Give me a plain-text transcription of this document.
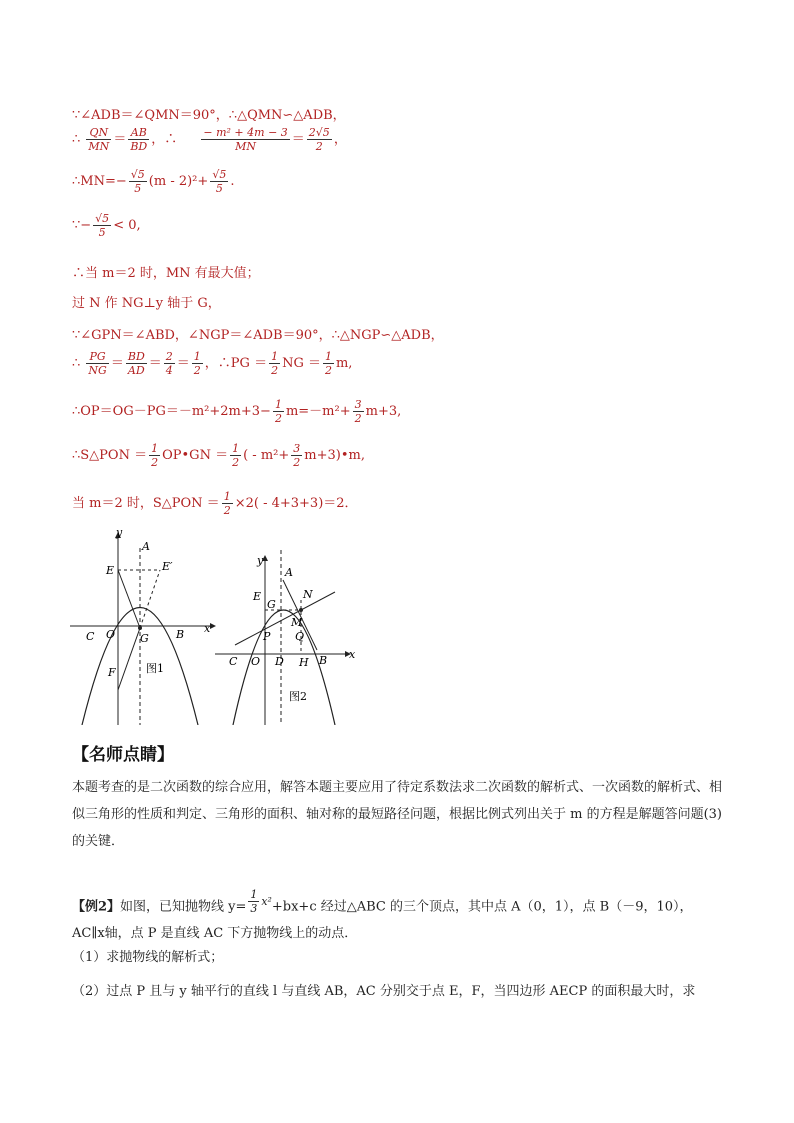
∵∠ADB＝∠QMN＝90°，∴△QMN∽△ADB，
∴ $\frac{QN}{MN} = \frac{AB}{BD}$ ，∴ $\frac{\text{− m² + 4m − 3}}{MN} = \frac{2√5}{2}$ ，
∴MN=− $\frac{√5}{5} (m - 2)^2+ \frac{√5}{5}$ .
∵− $\frac{√5}{5} < 0$,
∴当 m＝2 时，MN 有最大值；
过 N 作 NG⊥y 轴于 G，
∵∠GPN＝∠ABD，∠NGP＝∠ADB＝90°，∴△NGP∽△ADB，
∴ $\frac{PG}{NG} = \frac{BD}{AD} = \frac{2}{4} = \frac{1}{2}$ ，∴PG ＝ $\frac{1}{2}$ NG ＝ $\frac{1}{2} m$,
∴OP＝OG－PG＝－m²+2m+3− $\frac{1}{2} m=-m^2+ \frac{3}{2} m+3$,
∴S△PON ＝ $\frac{1}{2}$ OP•GN ＝ $\frac{1}{2}$ ( - $m^2+ \frac{3}{2}$ m+3)•m,
当 m＝2 时，S△PON ＝ $\frac{1}{2} \times 2( - 4+3+3)=2$．
y
A
E	E′
C O G B x
F	图1
y
A
E
G
N
M
P Q
C O D H B x
图2
【名师点睛】
本题考查的是二次函数的综合应用，解答本题主要应用了待定系数法求二次函数的解析式、一次函数的解析式、相似三角形的性质和判定、三角形的面积、轴对称的最短路径问题，根据比例式列出关于 m 的方程是解题答问题(3)的关键．
【例2】如图，已知抛物线 $y= \frac{1}{3} ^{x^2}+bx+c$ 经过△ABC 的三个顶点，其中点 A（0，1），点 B（－9，10），AC∥x轴，点 P 是直线 AC 下方抛物线上的动点．
（1）求抛物线的解析式；
（2）过点 P 且与 y 轴平行的直线 l 与直线 AB，AC 分别交于点 E，F，当四边形 AECP 的面积最大时，求
